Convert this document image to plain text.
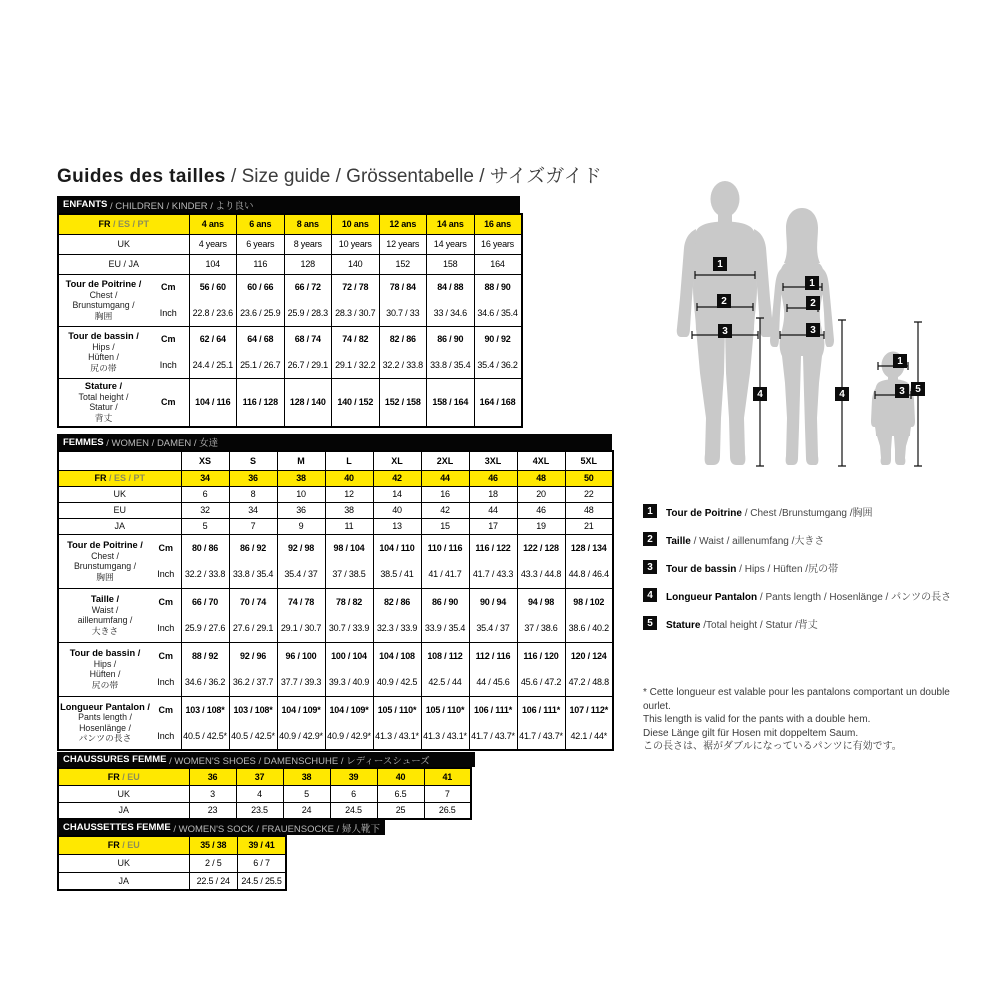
Guides des tailles / Size guide / Grössentabelle / サイズガイド
ENFANTS / CHILDREN / KINDER / より良い
FR / ES / PT		4 ans	6 ans	8 ans	10 ans	12 ans	14 ans	16 ans
UK		4 years	6 years	8 years	10 years	12 years	14 years	16 years
EU / JA		104	116	128	140	152	158	164

Tour de Poitrine /
Chest /
Brunstumgang /
胸囲	Cm	56 / 60	60 / 66	66 / 72	72 / 78	78 / 84	84 / 88	88 / 90
	Inch	22.8 / 23.6	23.6 / 25.9	25.9 / 28.3	28.3 / 30.7	30.7 / 33	33 / 34.6	34.6 / 35.4

Tour de bassin /
Hips /
Hüften /
尻の帯	Cm	62 / 64	64 / 68	68 / 74	74 / 82	82 / 86	86 / 90	90 / 92
	Inch	24.4 / 25.1	25.1 / 26.7	26.7 / 29.1	29.1 / 32.2	32.2 / 33.8	33.8 / 35.4	35.4 / 36.2

Stature /
Total height /
Statur /
背丈	Cm	104 / 116	116 / 128	128 / 140	140 / 152	152 / 158	158 / 164	164 / 168
FEMMES / WOMEN / DAMEN / 女達
		XS	S	M	L	XL	2XL	3XL	4XL	5XL
FR / ES / PT		34	36	38	40	42	44	46	48	50
UK		6	8	10	12	14	16	18	20	22
EU		32	34	36	38	40	42	44	46	48
JA		5	7	9	11	13	15	17	19	21

Tour de Poitrine /
Chest /
Brunstumgang /
胸囲	Cm	80 / 86	86 / 92	92 / 98	98 / 104	104 / 110	110 / 116	116 / 122	122 / 128	128 / 134
	Inch	32.2 / 33.8	33.8 / 35.4	35.4 / 37	37 / 38.5	38.5 / 41	41 / 41.7	41.7 / 43.3	43.3 / 44.8	44.8 / 46.4

Taille /
Waist /
aillenumfang /
大きさ	Cm	66 / 70	70 / 74	74 / 78	78 / 82	82 / 86	86 / 90	90 / 94	94 / 98	98 / 102
	Inch	25.9 / 27.6	27.6 / 29.1	29.1 / 30.7	30.7 / 33.9	32.3 / 33.9	33.9 / 35.4	35.4 / 37	37 / 38.6	38.6 / 40.2

Tour de bassin /
Hips /
Hüften /
尻の帯	Cm	88 / 92	92 / 96	96 / 100	100 / 104	104 / 108	108 / 112	112 / 116	116 / 120	120 / 124
	Inch	34.6 / 36.2	36.2 / 37.7	37.7 / 39.3	39.3 / 40.9	40.9 / 42.5	42.5 / 44	44 / 45.6	45.6 / 47.2	47.2 / 48.8

Longueur Pantalon /
Pants length /
Hosenlänge /
パンツの長さ	Cm	103 / 108*	103 / 108*	104 / 109*	104 / 109*	105 / 110*	105 / 110*	106 / 111*	106 / 111*	107 / 112*
	Inch	40.5 / 42.5*	40.5 / 42.5*	40.9 / 42.9*	40.9 / 42.9*	41.3 / 43.1*	41.3 / 43.1*	41.7 / 43.7*	41.7 / 43.7*	42.1 / 44*
CHAUSSURES FEMME / WOMEN'S SHOES / DAMENSCHUHE / レディースシューズ
FR / EU	36	37	38	39	40	41
UK	3	4	5	6	6.5	7
JA	23	23.5	24	24.5	25	26.5
CHAUSSETTES FEMME / WOMEN'S SOCK / FRAUENSOCKE / 婦人靴下
FR / EU	35 / 38	39 / 41
UK	2 / 5	6 / 7
JA	22.5 / 24	24.5 / 25.5
1
2
3
4
1
2
3
4
1
3	5
1	Tour de Poitrine / Chest /Brunstumgang /胸囲
2	Taille / Waist / aillenumfang /大きさ
3	Tour de bassin / Hips / Hüften /尻の帯
4	Longueur Pantalon / Pants length / Hosenlänge / パンツの長さ
5	Stature /Total height / Statur /背丈
* Cette longueur est valable pour les pantalons comportant un double ourlet.
This length is valid for the pants with a double hem.
Diese Länge gilt für Hosen mit doppeltem Saum.
この長さは、裾がダブルになっているパンツに有効です。
